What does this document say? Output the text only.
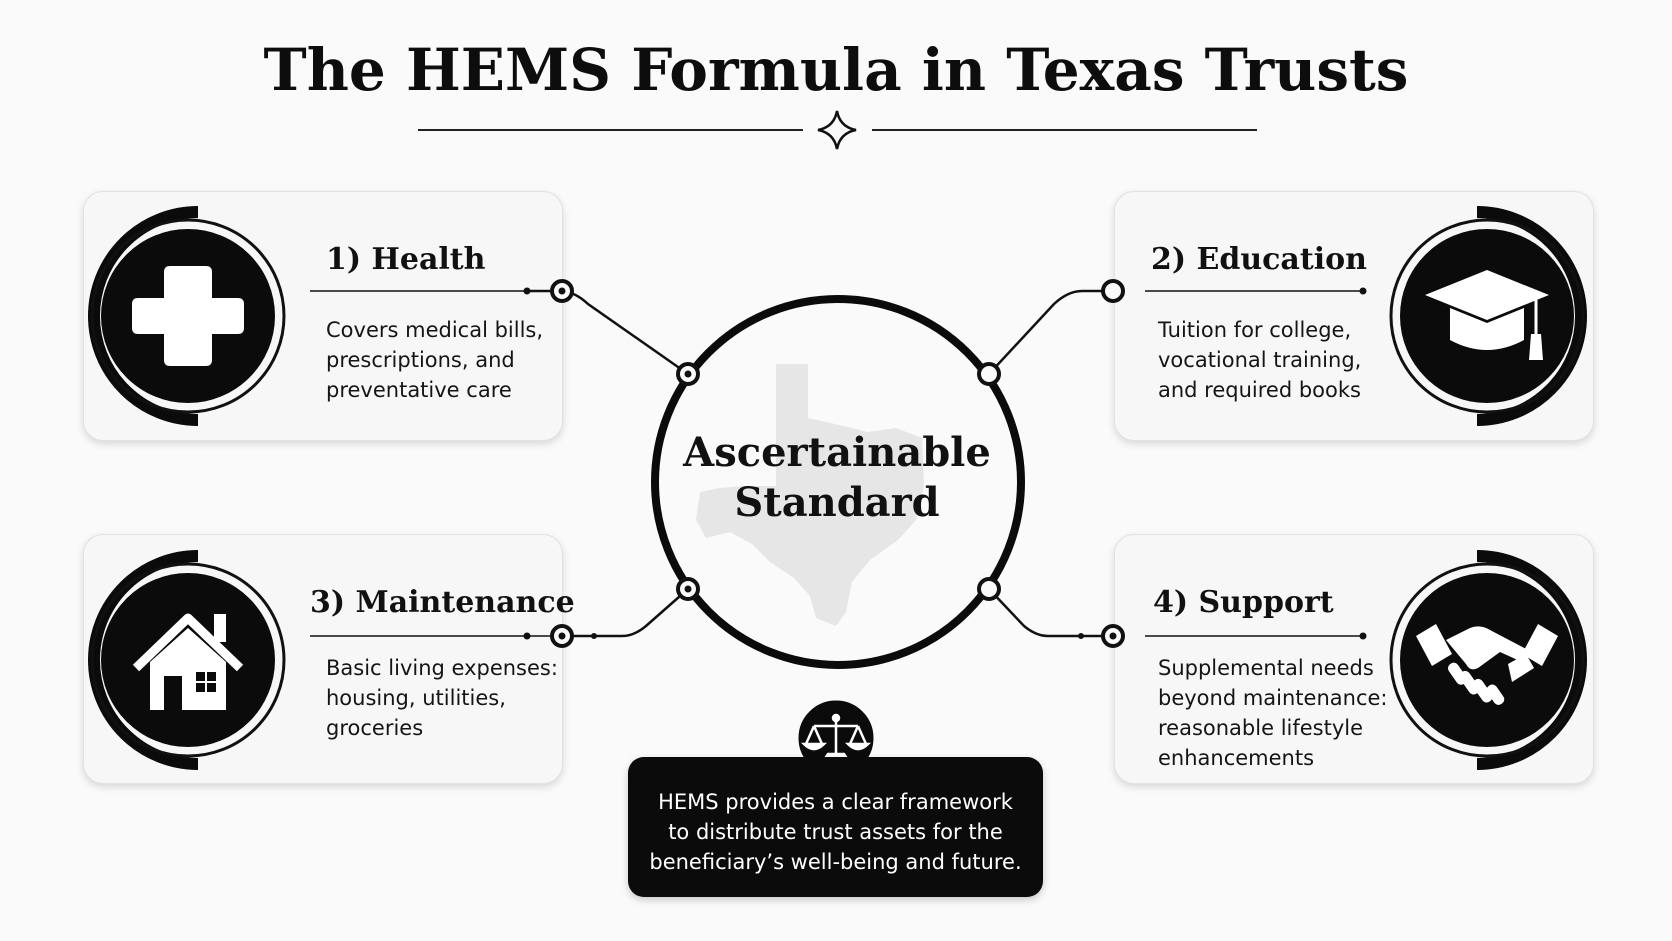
The HEMS Formula in Texas Trusts
Ascertainable
Standard
1) Health
Covers medical bills,
prescriptions, and
preventative care
2) Education
Tuition for college,
vocational training,
and required books
3) Maintenance
Basic living expenses:
housing, utilities,
groceries
4) Support
Supplemental needs
beyond maintenance:
reasonable lifestyle
enhancements
HEMS provides a clear framework
to distribute trust assets for the
beneficiary’s well-being and future.
